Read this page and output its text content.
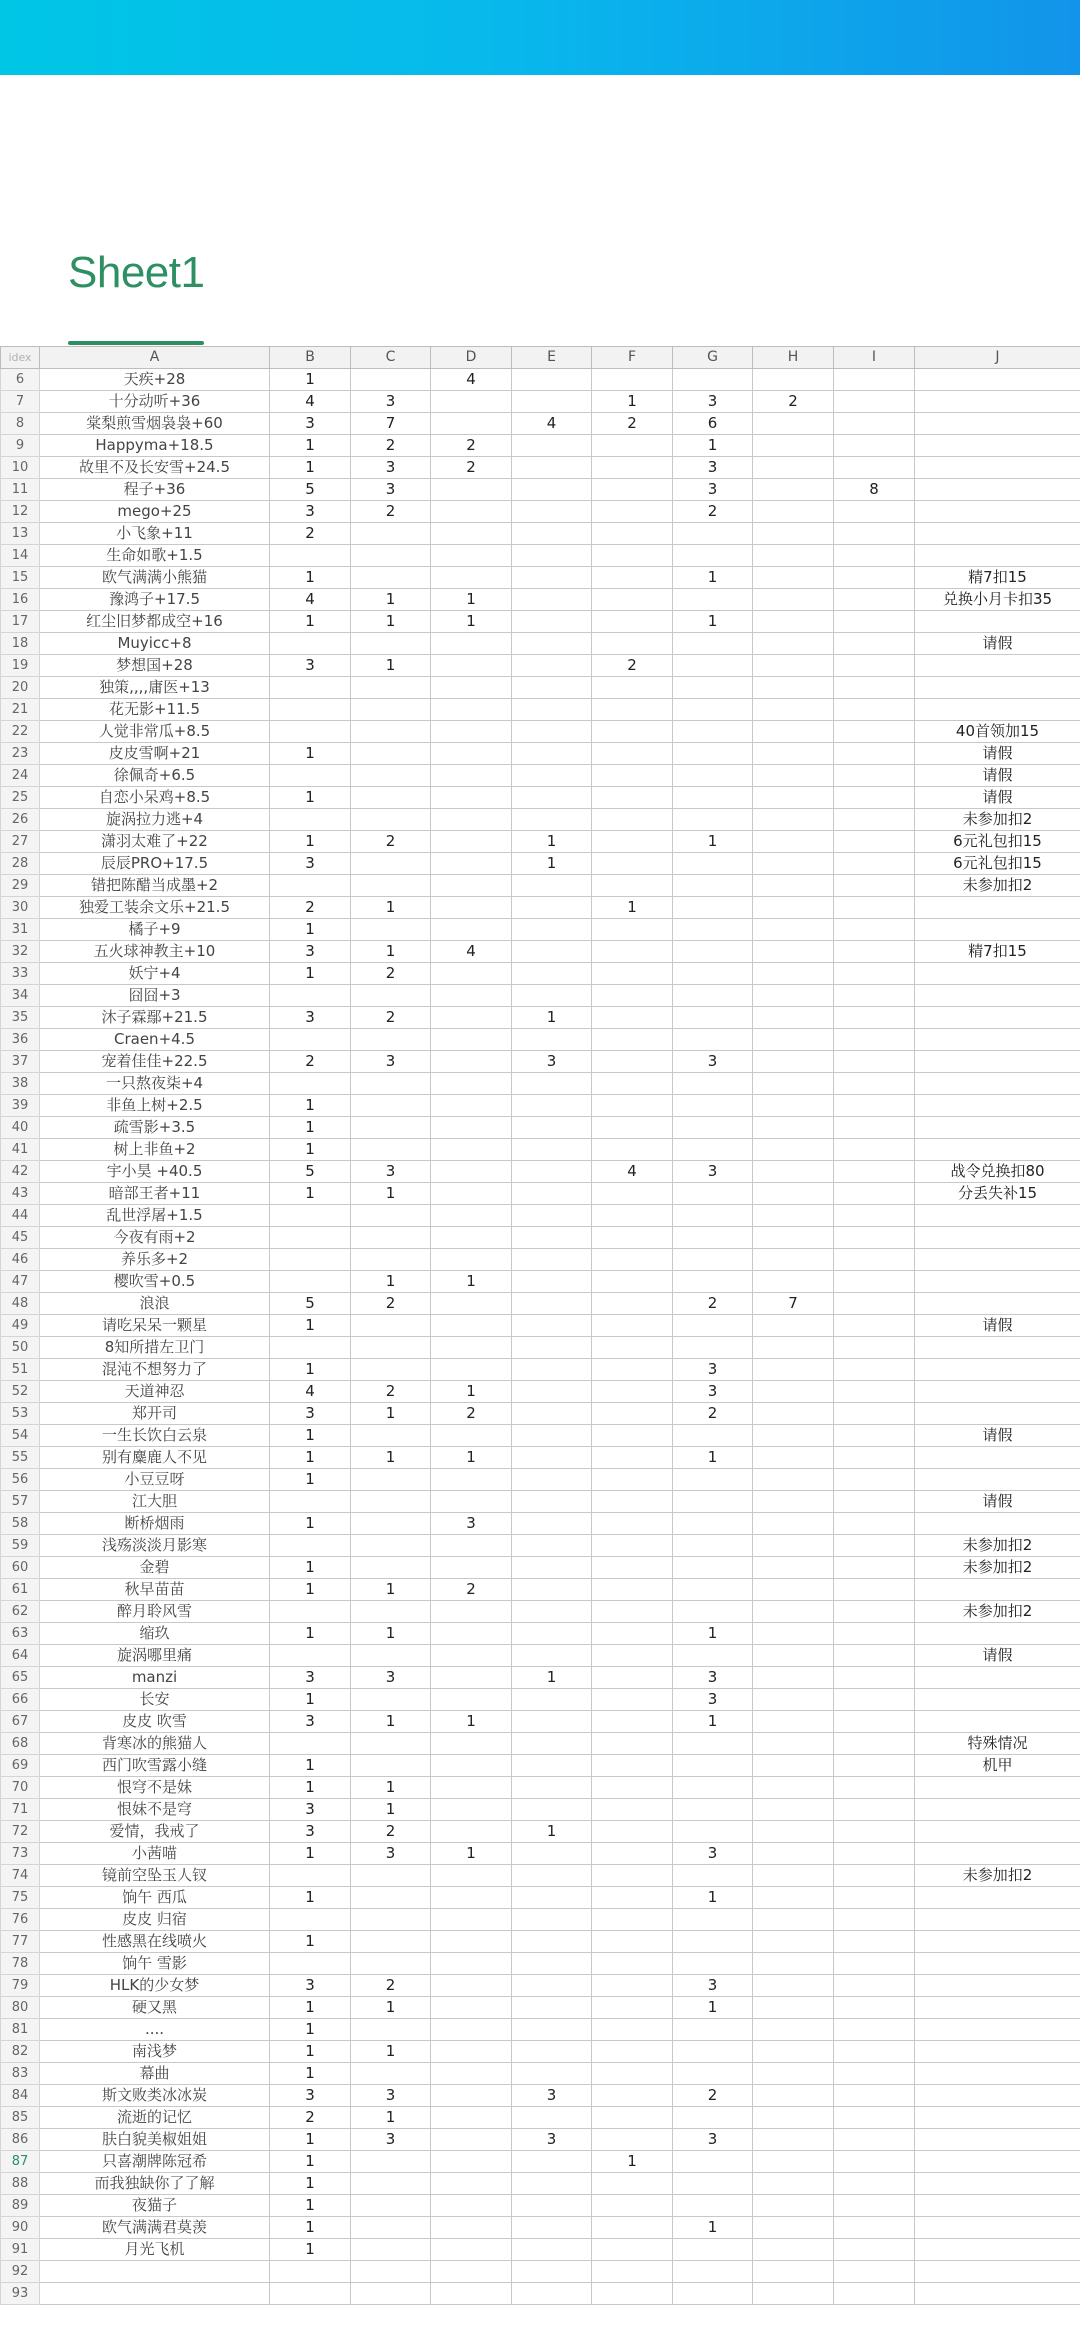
Sheet1
idex	A	B	C	D	E	F	G	H	I	J
6	天疾+28	1		4						
7	十分动听+36	4	3			1	3	2		
8	棠梨煎雪烟袅袅+60	3	7		4	2	6			
9	Happyma+18.5	1	2	2			1			
10	故里不及长安雪+24.5	1	3	2			3			
11	程子+36	5	3				3		8	
12	mego+25	3	2				2			
13	小飞象+11	2								
14	生命如歌+1.5									
15	欧气满满小熊猫	1					1			精7扣15
16	豫鸿子+17.5	4	1	1						兑换小月卡扣35
17	红尘旧梦都成空+16	1	1	1			1			
18	Muyicc+8									请假
19	梦想国+28	3	1			2				
20	独策,,,,庸医+13									
21	花无影+11.5									
22	人觉非常瓜+8.5									40首领加15
23	皮皮雪啊+21	1								请假
24	徐佩奇+6.5									请假
25	自恋小呆鸡+8.5	1								请假
26	旋涡拉力逃+4									未参加扣2
27	潇羽太难了+22	1	2		1		1			6元礼包扣15
28	辰辰PRO+17.5	3			1					6元礼包扣15
29	错把陈醋当成墨+2									未参加扣2
30	独爱工装余文乐+21.5	2	1			1				
31	橘子+9	1								
32	五火球神教主+10	3	1	4						精7扣15
33	妖宁+4	1	2							
34	囧囧+3									
35	沐子霖鄢+21.5	3	2		1					
36	Craen+4.5									
37	宠着佳佳+22.5	2	3		3		3			
38	一只熬夜柒+4									
39	非鱼上树+2.5	1								
40	疏雪影+3.5	1								
41	树上非鱼+2	1								
42	宇小昊 +40.5	5	3			4	3			战令兑换扣80
43	暗部王者+11	1	1							分丢失补15
44	乱世浮屠+1.5									
45	今夜有雨+2									
46	养乐多+2									
47	樱吹雪+0.5		1	1						
48	浪浪	5	2				2	7		
49	请吃呆呆一颗星	1								请假
50	8知所措左卫门									
51	混沌不想努力了	1					3			
52	天道神忍	4	2	1			3			
53	郑开司	3	1	2			2			
54	一生长饮白云泉	1								请假
55	别有麋鹿人不见	1	1	1			1			
56	小豆豆呀	1								
57	江大胆									请假
58	断桥烟雨	1		3						
59	浅殇淡淡月影寒									未参加扣2
60	金碧	1								未参加扣2
61	秋早苗苗	1	1	2						
62	醉月聆风雪									未参加扣2
63	缩玖	1	1				1			
64	旋涡哪里痛									请假
65	manzi	3	3		1		3			
66	长安	1					3			
67	皮皮 吹雪	3	1	1			1			
68	背寒冰的熊猫人									特殊情况
69	西门吹雪露小缝	1								机甲
70	恨穹不是妹	1	1							
71	恨妹不是穹	3	1							
72	爱情，我戒了	3	2		1					
73	小茜喵	1	3	1			3			
74	镜前空坠玉人钗									未参加扣2
75	饷午 西瓜	1					1			
76	皮皮 归宿									
77	性感黑在线喷火	1								
78	饷午 雪影									
79	HLK的少女梦	3	2				3			
80	硬又黑	1	1				1			
81	....	1								
82	南浅梦	1	1							
83	幕曲	1								
84	斯文败类冰冰炭	3	3		3		2			
85	流逝的记忆	2	1							
86	肤白貌美椒姐姐	1	3		3		3			
87	只喜潮牌陈冠希	1				1				
88	而我独缺你了了解	1								
89	夜猫子	1								
90	欧气满满君莫羡	1					1			
91	月光飞机	1								
92										
93										
